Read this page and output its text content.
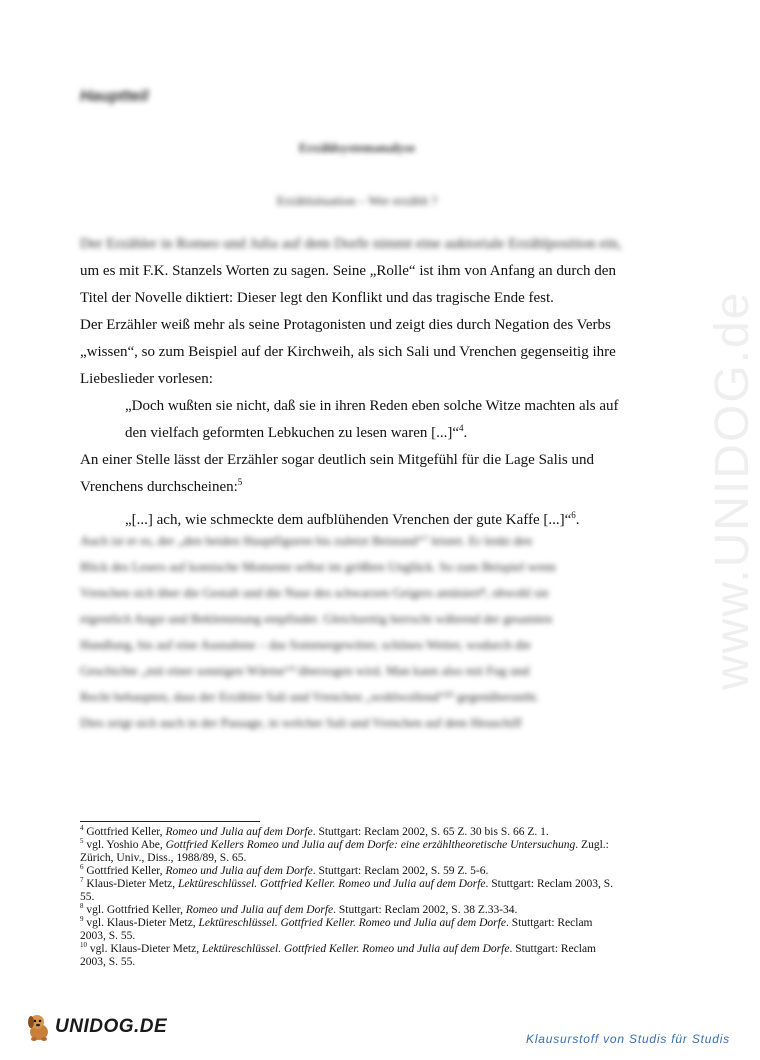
www.UNIDOG.de
Hauptteil
Erzählsystemanalyse
Erzählsituation – Wer erzählt ?
Der Erzähler in Romeo und Julia auf dem Dorfe nimmt eine auktoriale Erzählposition ein,
um es mit F.K. Stanzels Worten zu sagen. Seine „Rolle“ ist ihm von Anfang an durch den
Titel der Novelle diktiert: Dieser legt den Konflikt und das tragische Ende fest.
Der Erzähler weiß mehr als seine Protagonisten und zeigt dies durch Negation des Verbs
„wissen“, so zum Beispiel auf der Kirchweih, als sich Sali und Vrenchen gegenseitig ihre
Liebeslieder vorlesen:
„Doch wußten sie nicht, daß sie in ihren Reden eben solche Witze machten als auf
den vielfach geformten Lebkuchen zu lesen waren [...]“$^4$.
An einer Stelle lässt der Erzähler sogar deutlich sein Mitgefühl für die Lage Salis und
Vrenchens durchscheinen:$^5$
„[...] ach, wie schmeckte dem aufblühenden Vrenchen der gute Kaffe [...]“$^6$.
Auch ist er es, der „den beiden Hauptfiguren bis zuletzt Beistand“⁷ leistet. Er lenkt den
Blick des Lesers auf komische Momente selbst im größten Unglück. So zum Beispiel wenn
Vrenchen sich über die Gestalt und die Nase des schwarzen Geigers amüsiert⁸, obwohl sie
eigentlich Angst und Beklemmung empfindet. Gleichzeitig herrscht während der gesamten
Handlung, bis auf eine Ausnahme – das Sommergewitter, schönes Wetter, wodurch die
Geschichte „mit einer sonnigen Wärme“⁹ überzogen wird. Man kann also mit Fug und
Recht behaupten, dass der Erzähler Sali und Vrenchen „wohlwollend“¹⁰ gegenübersteht.
Dies zeigt sich auch in der Passage, in welcher Sali und Vrenchen auf dem Heuschiff

$^4$ Gottfried Keller, Romeo und Julia auf dem Dorfe. Stuttgart: Reclam 2002, S. 65 Z. 30 bis S. 66 Z. 1.

$^5$ vgl. Yoshio Abe, Gottfried Kellers Romeo und Julia auf dem Dorfe: eine erzähltheoretische Untersuchung. Zugl.: Zürich, Univ., Diss., 1988/89, S. 65.

$^6$ Gottfried Keller, Romeo und Julia auf dem Dorfe. Stuttgart: Reclam 2002, S. 59 Z. 5-6.

$^7$ Klaus-Dieter Metz, Lektüreschlüssel. Gottfried Keller. Romeo und Julia auf dem Dorfe. Stuttgart: Reclam 2003, S. 55.

$^8$ vgl. Gottfried Keller, Romeo und Julia auf dem Dorfe. Stuttgart: Reclam 2002, S. 38 Z.33-34.

$^9$ vgl. Klaus-Dieter Metz, Lektüreschlüssel. Gottfried Keller. Romeo und Julia auf dem Dorfe. Stuttgart: Reclam 2003, S. 55.

$^{10}$ vgl. Klaus-Dieter Metz, Lektüreschlüssel. Gottfried Keller. Romeo und Julia auf dem Dorfe. Stuttgart: Reclam 2003, S. 55.

UNIDOG.DE
Klausurstoff von Studis für Studis
